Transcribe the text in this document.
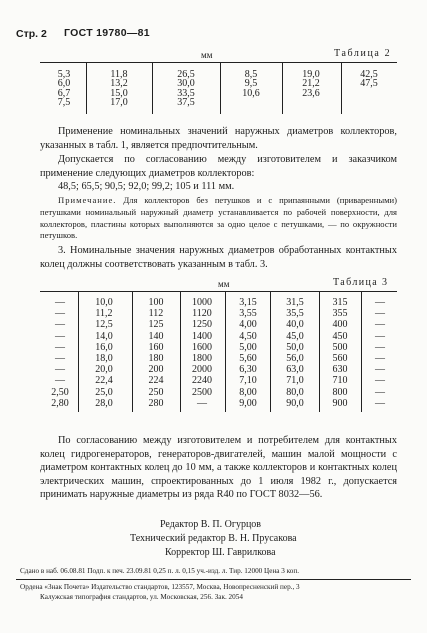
Стр. 2 ГОСТ 19780—81
мм	Таблица 2
5,3
6,0
6,7
7,5
11,8
13,2
15,0
17,0
26,5
30,0
33,5
37,5
8,5
9,5
10,6
19,0
21,2
23,6
42,5
47,5
Применение номинальных значений наружных диаметров коллекторов, указанных в табл. 1, является предпочтительным.
Допускается по согласованию между изготовителем и заказчиком применение следующих диаметров коллекторов:
48,5; 65,5; 90,5; 92,0; 99,2; 105 и 111 мм.
Примечание. Для коллекторов без петушков и с припаянными (приваренными) петушками номинальный наружный диаметр устанавливается по рабочей поверхности, для коллекторов, пластины которых выполняются за одно целое с петушками, — по окружности петушков.
3. Номинальные значения наружных диаметров обработанных контактных колец должны соответствовать указанным в табл. 3.
мм	Таблица 3
—
—
—
—
—
—
—
—
2,50
2,80
10,0
11,2
12,5
14,0
16,0
18,0
20,0
22,4
25,0
28,0
100
112
125
140
160
180
200
224
250
280
1000
1120
1250
1400
1600
1800
2000
2240
2500
—
3,15
3,55
4,00
4,50
5,00
5,60
6,30
7,10
8,00
9,00
31,5
35,5
40,0
45,0
50,0
56,0
63,0
71,0
80,0
90,0
315
355
400
450
500
560
630
710
800
900
—
—
—
—
—
—
—
—
—
—
По согласованию между изготовителем и потребителем для контактных колец гидрогенераторов, генераторов-двигателей, машин малой мощности с диаметром контактных колец до 10 мм, а также коллекторов и контактных колец электрических машин, спроектированных до 1 июля 1982 г., допускается принимать наружные диаметры из ряда R40 по ГОСТ 8032—56.
Редактор В. П. Огурцов
Технический редактор В. Н. Прусакова
Корректор Ш. Гаврилкова
Сдано в наб. 06.08.81 Подп. к печ. 23.09.81 0,25 п. л. 0,15 уч.-изд. л. Тир. 12000 Цена 3 коп.
Ордена «Знак Почета» Издательство стандартов, 123557, Москва, Новопресненский пер., 3
Калужская типография стандартов, ул. Московская, 256. Зак. 2054
